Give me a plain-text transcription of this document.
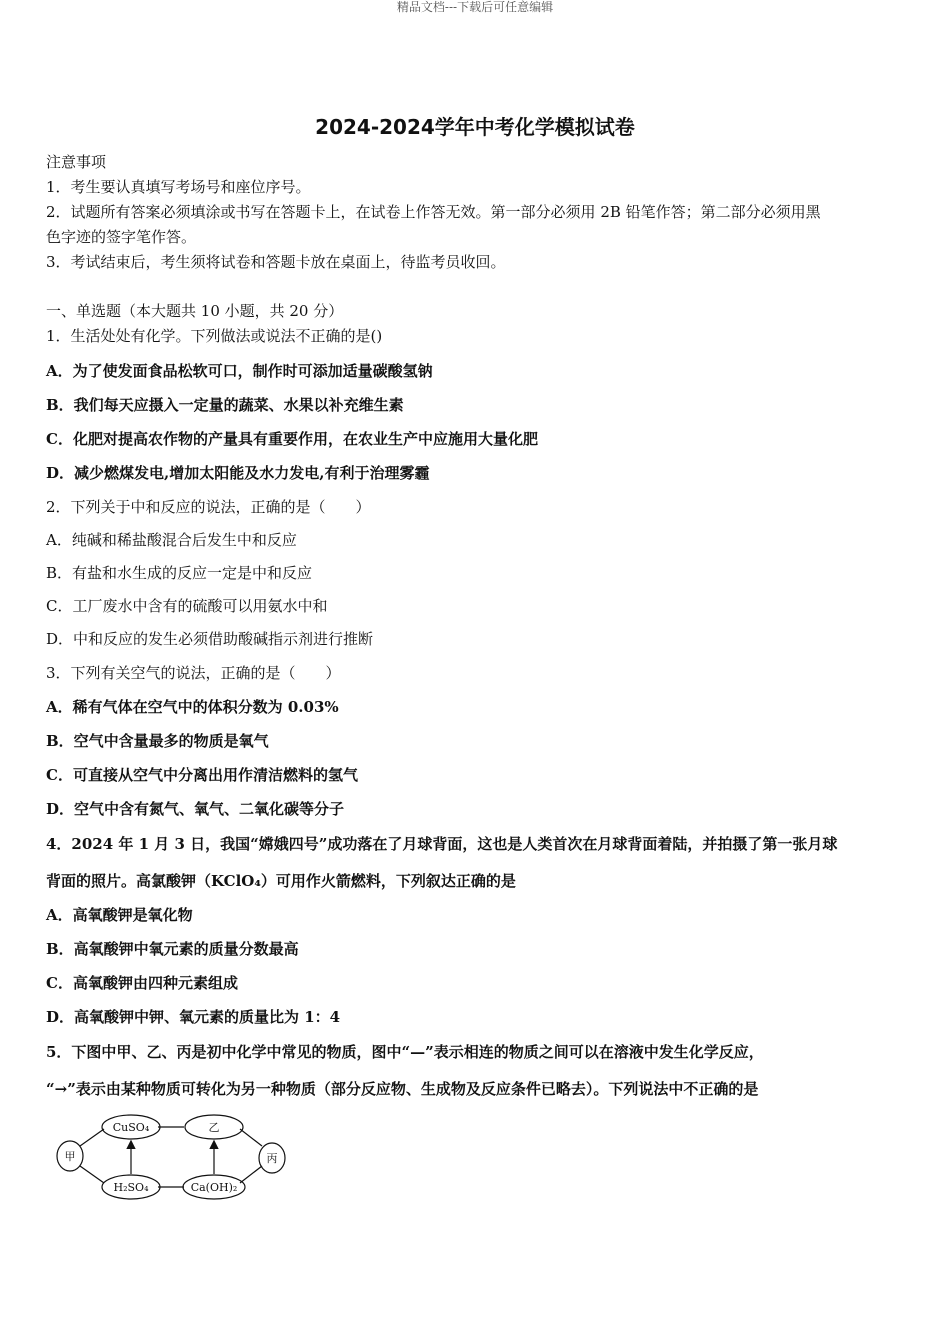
精品文档---下载后可任意编辑
2024-2024学年中考化学模拟试卷
注意事项
1．考生要认真填写考场号和座位序号。
2．试题所有答案必须填涂或书写在答题卡上，在试卷上作答无效。第一部分必须用 2B 铅笔作答；第二部分必须用黑
色字迹的签字笔作答。
3．考试结束后，考生须将试卷和答题卡放在桌面上，待监考员收回。
一、单选题（本大题共 10 小题，共 20 分）
1．生活处处有化学。下列做法或说法不正确的是()
A．为了使发面食品松软可口，制作时可添加适量碳酸氢钠
B．我们每天应摄入一定量的蔬菜、水果以补充维生素
C．化肥对提高农作物的产量具有重要作用，在农业生产中应施用大量化肥
D．减少燃煤发电,增加太阳能及水力发电,有利于治理雾霾
2．下列关于中和反应的说法，正确的是（　　）
A．纯碱和稀盐酸混合后发生中和反应
B．有盐和水生成的反应一定是中和反应
C．工厂废水中含有的硫酸可以用氨水中和
D．中和反应的发生必须借助酸碱指示剂进行推断
3．下列有关空气的说法，正确的是（　　）
A．稀有气体在空气中的体积分数为 0.03%
B．空气中含量最多的物质是氧气
C．可直接从空气中分离出用作清洁燃料的氢气
D．空气中含有氮气、氧气、二氧化碳等分子
4．2024 年 1 月 3 日，我国“嫦娥四号”成功落在了月球背面，这也是人类首次在月球背面着陆，并拍摄了第一张月球
背面的照片。高氯酸钾（KClO₄）可用作火箭燃料，下列叙达正确的是
A．高氧酸钾是氧化物
B．高氧酸钾中氧元素的质量分数最高
C．高氧酸钾由四种元素组成
D．高氧酸钾中钾、氧元素的质量比为 1：4
5．下图中甲、乙、丙是初中化学中常见的物质，图中“—”表示相连的物质之间可以在溶液中发生化学反应，
“→”表示由某种物质可转化为另一种物质（部分反应物、生成物及反应条件已略去）。下列说法中不正确的是
甲
CuSO₄	乙
丙
H₂SO₄	Ca(OH)₂
